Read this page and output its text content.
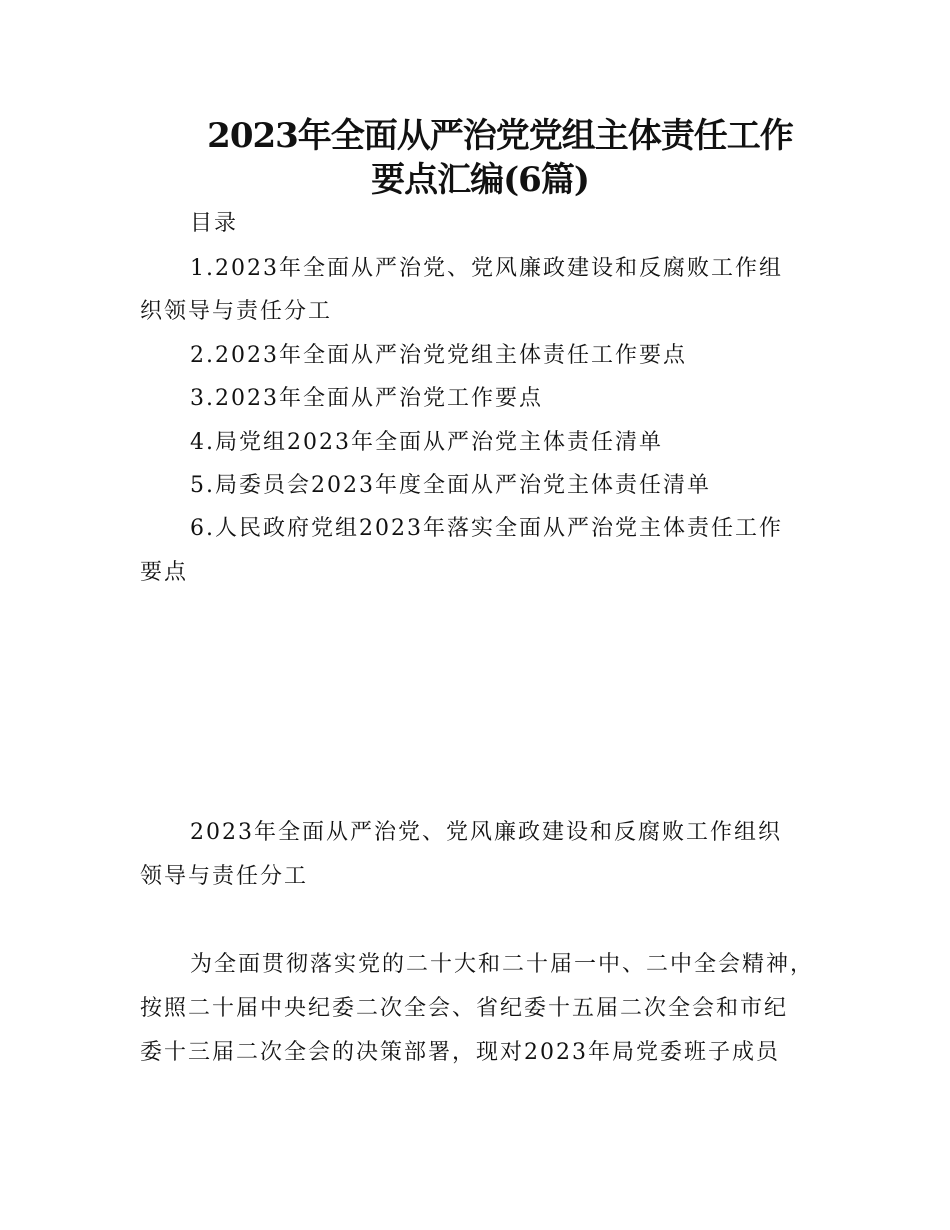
2023年全面从严治党党组主体责任工作
要点汇编(6篇)
目录
1.2023年全面从严治党、党风廉政建设和反腐败工作组
织领导与责任分工
2.2023年全面从严治党党组主体责任工作要点
3.2023年全面从严治党工作要点
4.局党组2023年全面从严治党主体责任清单
5.局委员会2023年度全面从严治党主体责任清单
6.人民政府党组2023年落实全面从严治党主体责任工作
要点
2023年全面从严治党、党风廉政建设和反腐败工作组织
领导与责任分工
为全面贯彻落实党的二十大和二十届一中、二中全会精神，
按照二十届中央纪委二次全会、省纪委十五届二次全会和市纪
委十三届二次全会的决策部署，现对2023年局党委班子成员
